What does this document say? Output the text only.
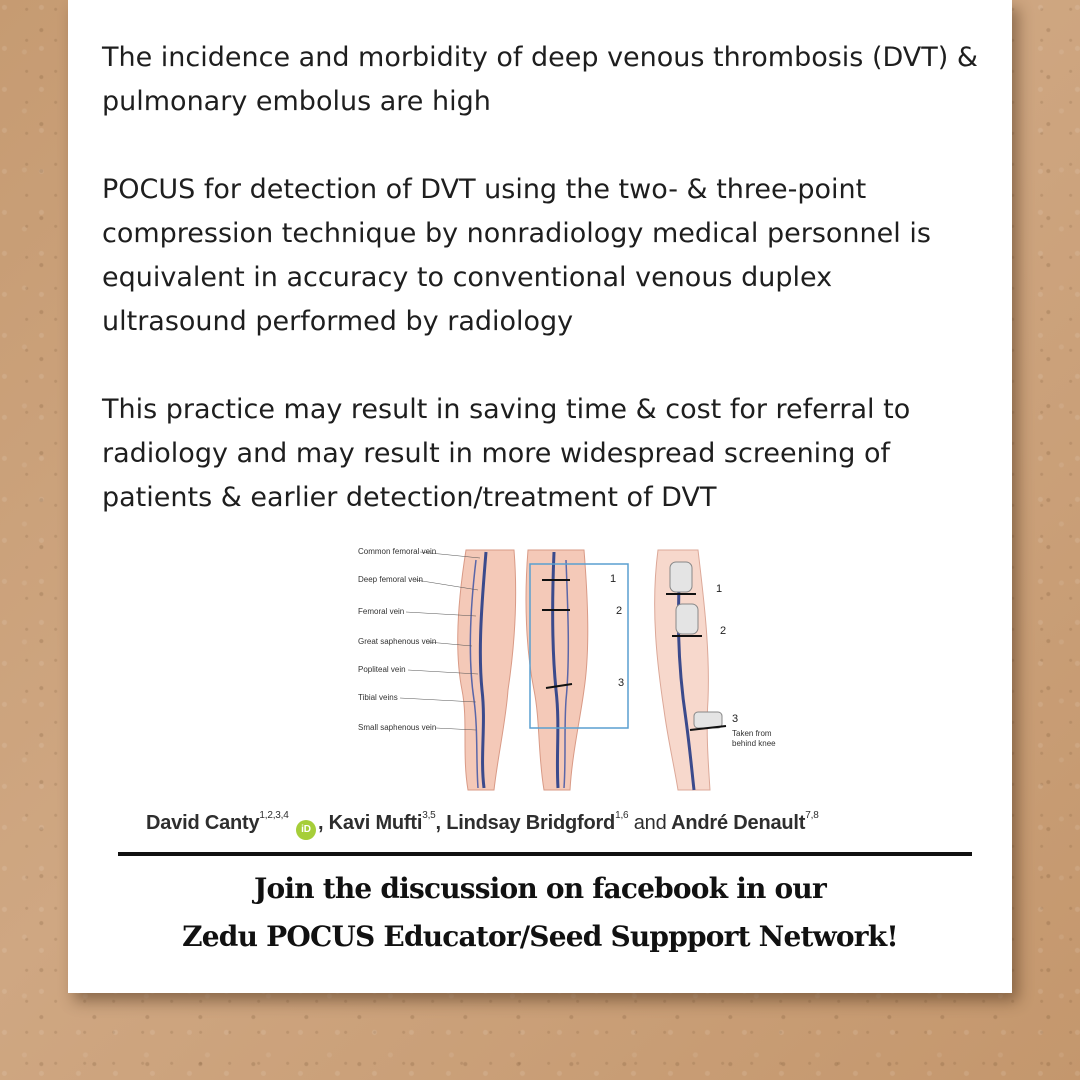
The incidence and morbidity of deep venous thrombosis (DVT) & pulmonary embolus are high

POCUS for detection of DVT using the two- & three-point compression technique by nonradiology medical personnel is equivalent in accuracy to conventional venous duplex ultrasound performed by radiology

This practice may result in saving time & cost for referral to radiology and may result in more widespread screening of patients & earlier detection/treatment of DVT

Common femoral vein
Deep femoral vein
Femoral vein
Great saphenous vein
Popliteal vein
Tibial veins
Small saphenous vein
1
2
3
1
2
3
Taken from
behind knee
David Canty$^{1,2,3,4}$ iD , Kavi Mufti$^{3,5}$, Lindsay Bridgford$^{1,6}$ and André Denault$^{7,8}$

Join the discussion on facebook in our

Zedu POCUS Educator/Seed Suppport Network!
